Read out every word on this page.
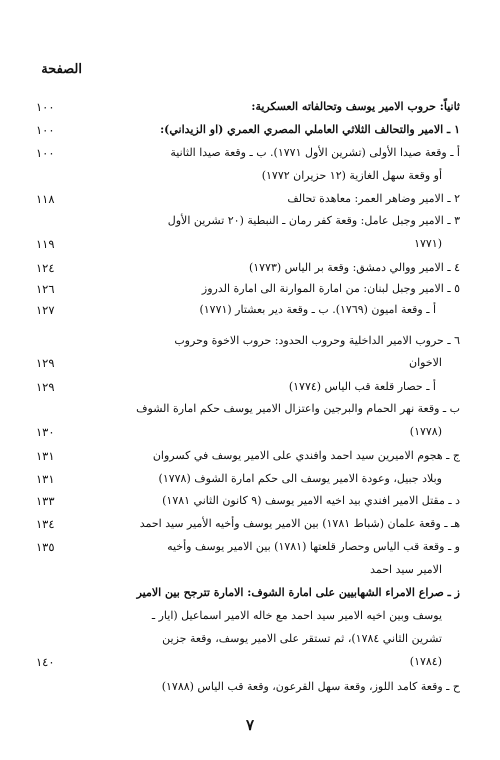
الصفحة
ثانياً: حروب الامير يوسف وتحالفاته العسكرية:
١٠٠
١ ـ الامير والتحالف الثلاثي العاملي المصري العمري (او الزيداني):
١٠٠
أ ـ وقعة صيدا الأولى (تشرين الأول ١٧٧١). ب ـ وقعة صيدا الثانية
١٠٠
أو وقعة سهل الغازية (١٢ حزيران ١٧٧٢)
٢ ـ الامير وضاهر العمر: معاهدة تحالف
١١٨
٣ ـ الامير وجبل عامل: وقعة كفر رمان ـ النبطية (٢٠ تشرين الأول
(١٧٧١
١١٩
٤ ـ الامير ووالي دمشق: وقعة بر الياس (١٧٧٣)
١٢٤
٥ ـ الامير وجبل لبنان: من امارة الموارنة الى امارة الدروز
١٢٦
أ ـ وقعة اميون (١٧٦٩). ب ـ وقعة دير بعشتار (١٧٧١)
١٢٧
٦ ـ حروب الامير الداخلية وحروب الحدود: حروب الاخوة وحروب
الاخوان
١٢٩
أ ـ حصار قلعة قب الياس (١٧٧٤)
١٢٩
ب ـ وقعة نهر الحمام والبرجين واعتزال الامير يوسف حكم امارة الشوف
(١٧٧٨)
١٣٠
ج ـ هجوم الاميرين سيد احمد وافندي على الامير يوسف في كسروان
١٣١
وبلاد جبيل، وعودة الامير يوسف الى حكم امارة الشوف (١٧٧٨)
١٣١
د ـ مقتل الامير افندي بيد اخيه الامير يوسف (٩ كانون الثاني ١٧٨١)
١٣٣
هـ ـ وقعة علمان (شباط ١٧٨١) بين الامير يوسف وأخيه الأمير سيد احمد
١٣٤
و ـ وقعة قب الياس وحصار قلعتها (١٧٨١) بين الامير يوسف وأخيه
١٣٥
الامير سيد احمد
ز ـ صراع الامراء الشهابيين على امارة الشوف: الامارة تترجح بين الامير
يوسف وبين اخيه الامير سيد احمد مع خاله الامير اسماعيل (ايار ـ
تشرين الثاني ١٧٨٤)، ثم تستقر على الامير يوسف، وقعة جزين
(١٧٨٤)
١٤٠
ح ـ وقعة كامد اللوز، وقعة سهل القرعون، وقعة قب الياس (١٧٨٨)
٧
